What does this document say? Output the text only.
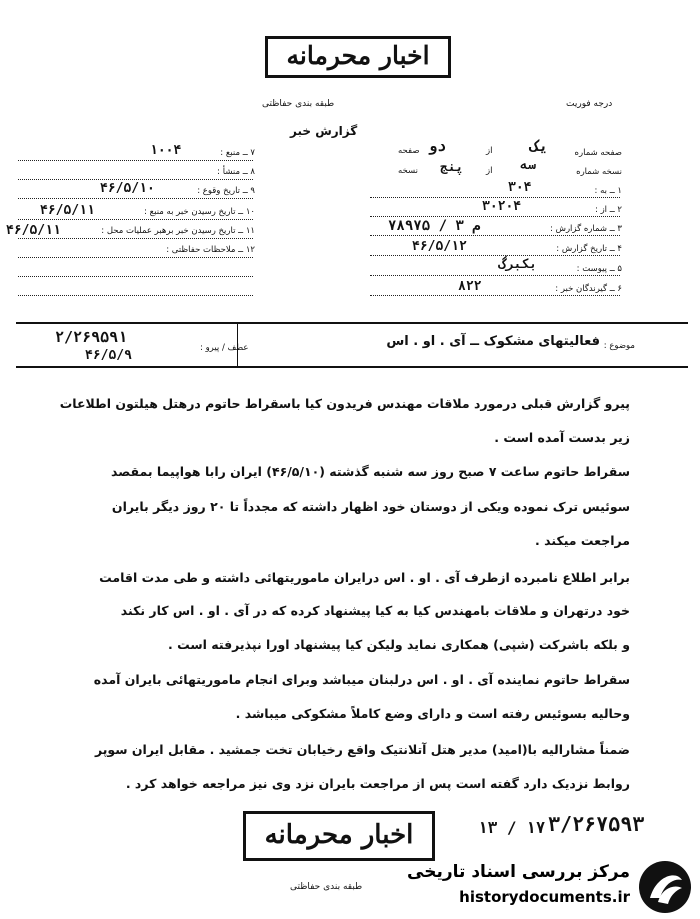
اخبار محرمانه
طبقه بندی حفاظتی	درجه فوریت
گزارش خبر
۷ ــ منبع :
۱۰۰۴
۸ ــ منشأ :
۹ ــ تاریخ وقوع :
۴۶/۵/۱۰
۱۰ ــ تاریخ رسیدن خبر به منبع :
۴۶/۵/۱۱
۱۱ ــ تاریخ رسیدن خبر برهبر عملیات محل :
۴۶/۵/۱۱
۱۲ ــ ملاحظات حفاظتی :
صفحه شماره
یک
از
دو
صفحه
نسخه شماره
سه
از
پنج
نسخه
۱ ــ به :
۳۰۴
۲ ــ از :
۳۰۲۰۴
۳ ــ شماره گزارش :
۷۸۹۷۵ / ۳ م
۴ ــ تاریخ گزارش :
۴۶/۵/۱۲
۵ ــ پیوست :
بکبرگ
۶ ــ گیرندگان خبر :
۸۲۲
موضوع :
فعالیتهای مشکوک ــ آی . او . اس
عطف / پیرو :
۲/۲۶۹۵۹۱
۴۶/۵/۹
پیرو گزارش قبلی درمورد ملاقات مهندس فریدون کیا باسقراط حاتوم درهتل هیلتون اطلاعات
زیر بدست آمده است .
سقراط حاتوم ساعت ۷ صبح روز سه شنبه گذشته (۴۶/۵/۱۰) ایران رابا هواپیما بمقصد
سوئیس ترک نموده ویکی از دوستان خود اظهار داشته که مجدداً تا ۲۰ روز دیگر بایران
مراجعت میکند .
برابر اطلاع نامبرده ازطرف آی . او . اس درایران ماموریتهائی داشته و طی مدت اقامت
خود درتهران و ملاقات بامهندس کیا به کیا پیشنهاد کرده که در آی . او . اس کار نکند
و بلکه باشرکت (شپی) همکاری نماید ولیکن کیا پیشنهاد اورا نپذیرفته است .
سقراط حاتوم نماینده آی . او . اس درلبنان میباشد وبرای انجام ماموریتهائی بایران آمده
وحالیه بسوئیس رفته است و دارای وضع کاملاً مشکوکی میباشد .
ضمناً مشارالیه با(امید) مدیر هتل آتلانتیک واقع رخیابان تخت جمشید . مقابل ایران سوپر
روابط نزدیک دارد گفته است پس از مراجعت بایران نزد وی نیز مراجعه خواهد کرد .
اخبار محرمانه	۱۳ / ۱۷ ۳/۲۶۷۵۹۳
طبقه بندی حفاظتی
مرکز بررسی اسناد تاریخی
historydocuments.ir
